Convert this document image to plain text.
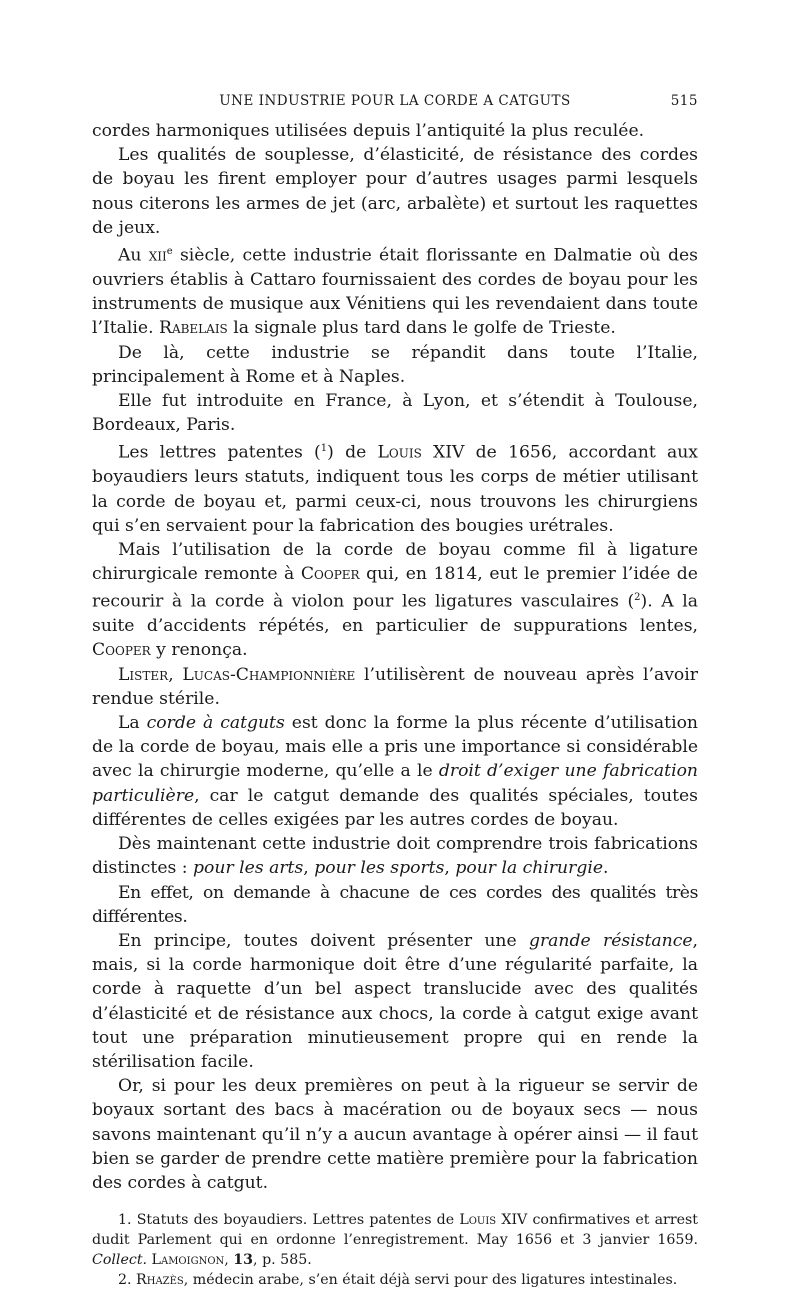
UNE INDUSTRIE POUR LA CORDE A CATGUTS	515

cordes harmoniques utilisées depuis l’antiquité la plus reculée.

Les qualités de souplesse, d’élasticité, de résistance des cordes de boyau les firent employer pour d’autres usages parmi lesquels nous citerons les armes de jet (arc, arbalète) et surtout les raquettes de jeux.

Au xii$^e$ siècle, cette industrie était florissante en Dalmatie où des ouvriers établis à Cattaro fournissaient des cordes de boyau pour les instruments de musique aux Vénitiens qui les revendaient dans toute l’Italie. Rabelais la signale plus tard dans le golfe de Trieste.

De là, cette industrie se répandit dans toute l’Italie, principalement à Rome et à Naples.

Elle fut introduite en France, à Lyon, et s’étendit à Toulouse, Bordeaux, Paris.

Les lettres patentes ($^1$) de Louis XIV de 1656, accordant aux boyaudiers leurs statuts, indiquent tous les corps de métier utilisant la corde de boyau et, parmi ceux-ci, nous trouvons les chirurgiens qui s’en servaient pour la fabrication des bougies urétrales.

Mais l’utilisation de la corde de boyau comme fil à ligature chirurgicale remonte à Cooper qui, en 1814, eut le premier l’idée de recourir à la corde à violon pour les ligatures vasculaires ($^2$). A la suite d’accidents répétés, en particulier de suppurations lentes, Cooper y renonça.

Lister, Lucas-Championnière l’utilisèrent de nouveau après l’avoir rendue stérile.

La corde à catguts est donc la forme la plus récente d’utilisation de la corde de boyau, mais elle a pris une importance si considérable avec la chirurgie moderne, qu’elle a le droit d’exiger une fabrication particulière, car le catgut demande des qualités spéciales, toutes différentes de celles exigées par les autres cordes de boyau.

Dès maintenant cette industrie doit comprendre trois fabrications distinctes : pour les arts, pour les sports, pour la chirurgie.

En effet, on demande à chacune de ces cordes des qualités très différentes.

En principe, toutes doivent présenter une grande résistance, mais, si la corde harmonique doit être d’une régularité parfaite, la corde à raquette d’un bel aspect translucide avec des qualités d’élasticité et de résistance aux chocs, la corde à catgut exige avant tout une préparation minutieusement propre qui en rende la stérilisation facile.

Or, si pour les deux premières on peut à la rigueur se servir de boyaux sortant des bacs à macération ou de boyaux secs — nous savons maintenant qu’il n’y a aucun avantage à opérer ainsi — il faut bien se garder de prendre cette matière première pour la fabrication des cordes à catgut.

1. Statuts des boyaudiers. Lettres patentes de Louis XIV confirmatives et arrest dudit Parlement qui en ordonne l’enregistrement. May 1656 et 3 janvier 1659. Collect. Lamoignon, 13, p. 585.

2. Rhazès, médecin arabe, s’en était déjà servi pour des ligatures intestinales.
